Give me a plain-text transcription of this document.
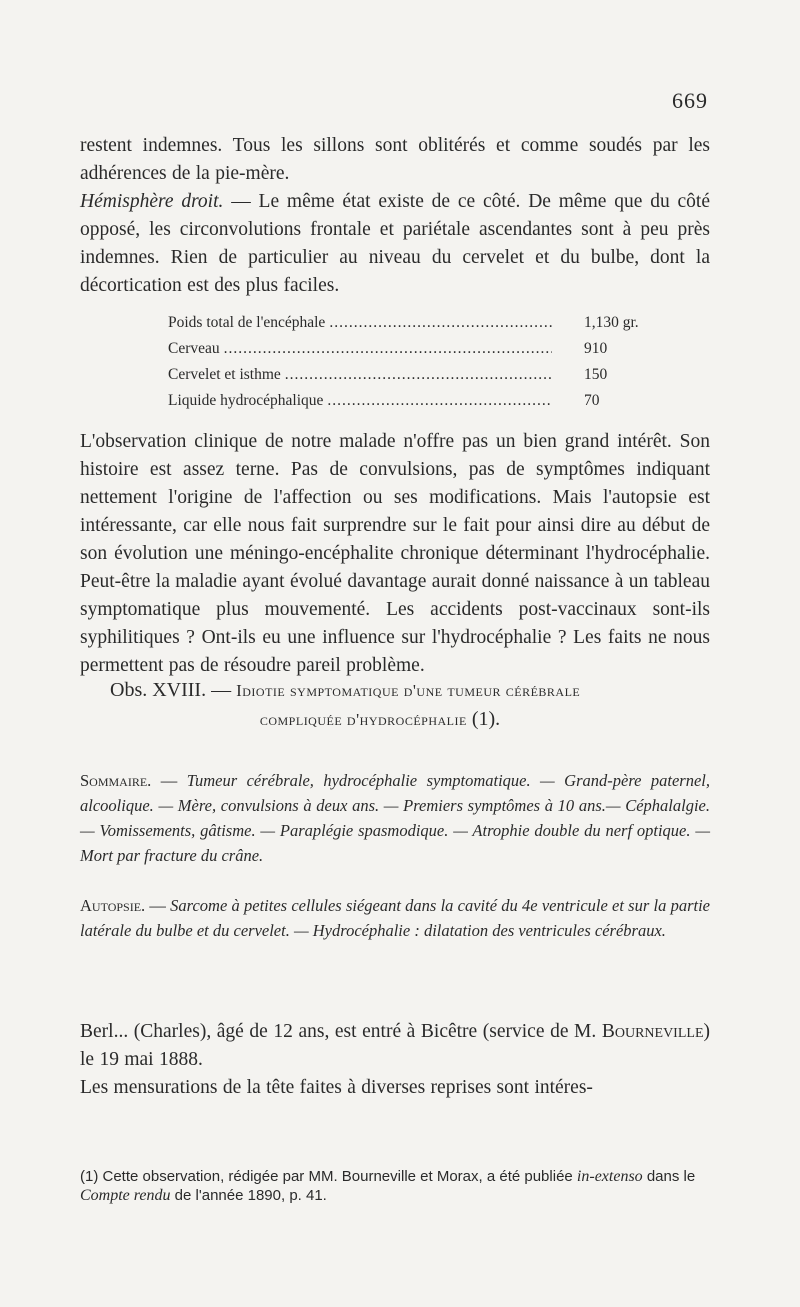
669

restent indemnes. Tous les sillons sont oblitérés et comme soudés par les adhérences de la pie-mère.
Hémisphère droit. — Le même état existe de ce côté. De même que du côté opposé, les circonvolutions frontale et pariétale ascendantes sont à peu près indemnes. Rien de particulier au niveau du cervelet et du bulbe, dont la décortication est des plus faciles.

Poids total de l'encéphale .....	1,130 gr.
Cerveau .....	910
Cervelet et isthme .....	150
Liquide hydrocéphalique .....	70

L'observation clinique de notre malade n'offre pas un bien grand intérêt. Son histoire est assez terne. Pas de convulsions, pas de symptômes indiquant nettement l'origine de l'affection ou ses modifications. Mais l'autopsie est intéressante, car elle nous fait surprendre sur le fait pour ainsi dire au début de son évolution une méningo-encéphalite chronique déterminant l'hydrocéphalie. Peut-être la maladie ayant évolué davantage aurait donné naissance à un tableau symptomatique plus mouvementé. Les accidents post-vaccinaux sont-ils syphilitiques ? Ont-ils eu une influence sur l'hydrocéphalie ? Les faits ne nous permettent pas de résoudre pareil problème.

Obs. XVIII. — Idiotie symptomatique d'une tumeur cérébrale
compliquée d'hydrocéphalie (1).

Sommaire. — Tumeur cérébrale, hydrocéphalie symptomatique. — Grand-père paternel, alcoolique. — Mère, convulsions à deux ans. — Premiers symptômes à 10 ans.— Céphalalgie.— Vomissements, gâtisme. — Paraplégie spasmodique. — Atrophie double du nerf optique. — Mort par fracture du crâne.

Autopsie. — Sarcome à petites cellules siégeant dans la cavité du 4e ventricule et sur la partie latérale du bulbe et du cervelet. — Hydrocéphalie : dilatation des ventricules cérébraux.

Berl... (Charles), âgé de 12 ans, est entré à Bicêtre (service de M. Bourneville) le 19 mai 1888.
Les mensurations de la tête faites à diverses reprises sont intéres-

(1) Cette observation, rédigée par MM. Bourneville et Morax, a été publiée in-extenso dans le Compte rendu de l'année 1890, p. 41.
